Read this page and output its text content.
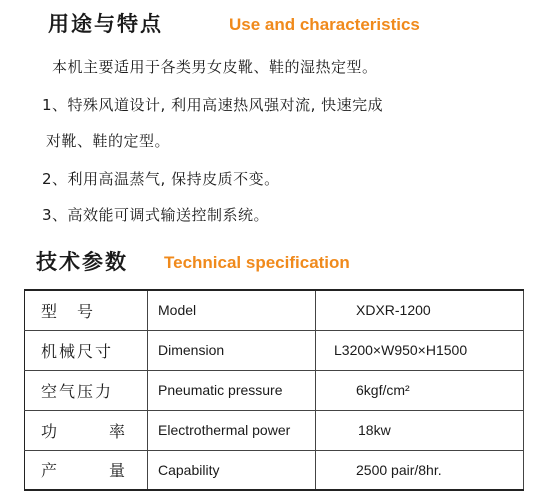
用途与特点	Use and characteristics
本机主要适用于各类男女皮靴、鞋的湿热定型。
1、特殊风道设计, 利用高速热风强对流, 快速完成
对靴、鞋的定型。
2、利用高温蒸气, 保持皮质不变。
3、高效能可调式输送控制系统。
技术参数 Technical specification
型 号	Model	XDXR-1200
机械尺寸	Dimension	L3200×W950×H1500
空气压力	Pneumatic pressure	6kgf/cm²

功 率	Electrothermal power	18kw

产 量	Capability	2500 pair/8hr.
